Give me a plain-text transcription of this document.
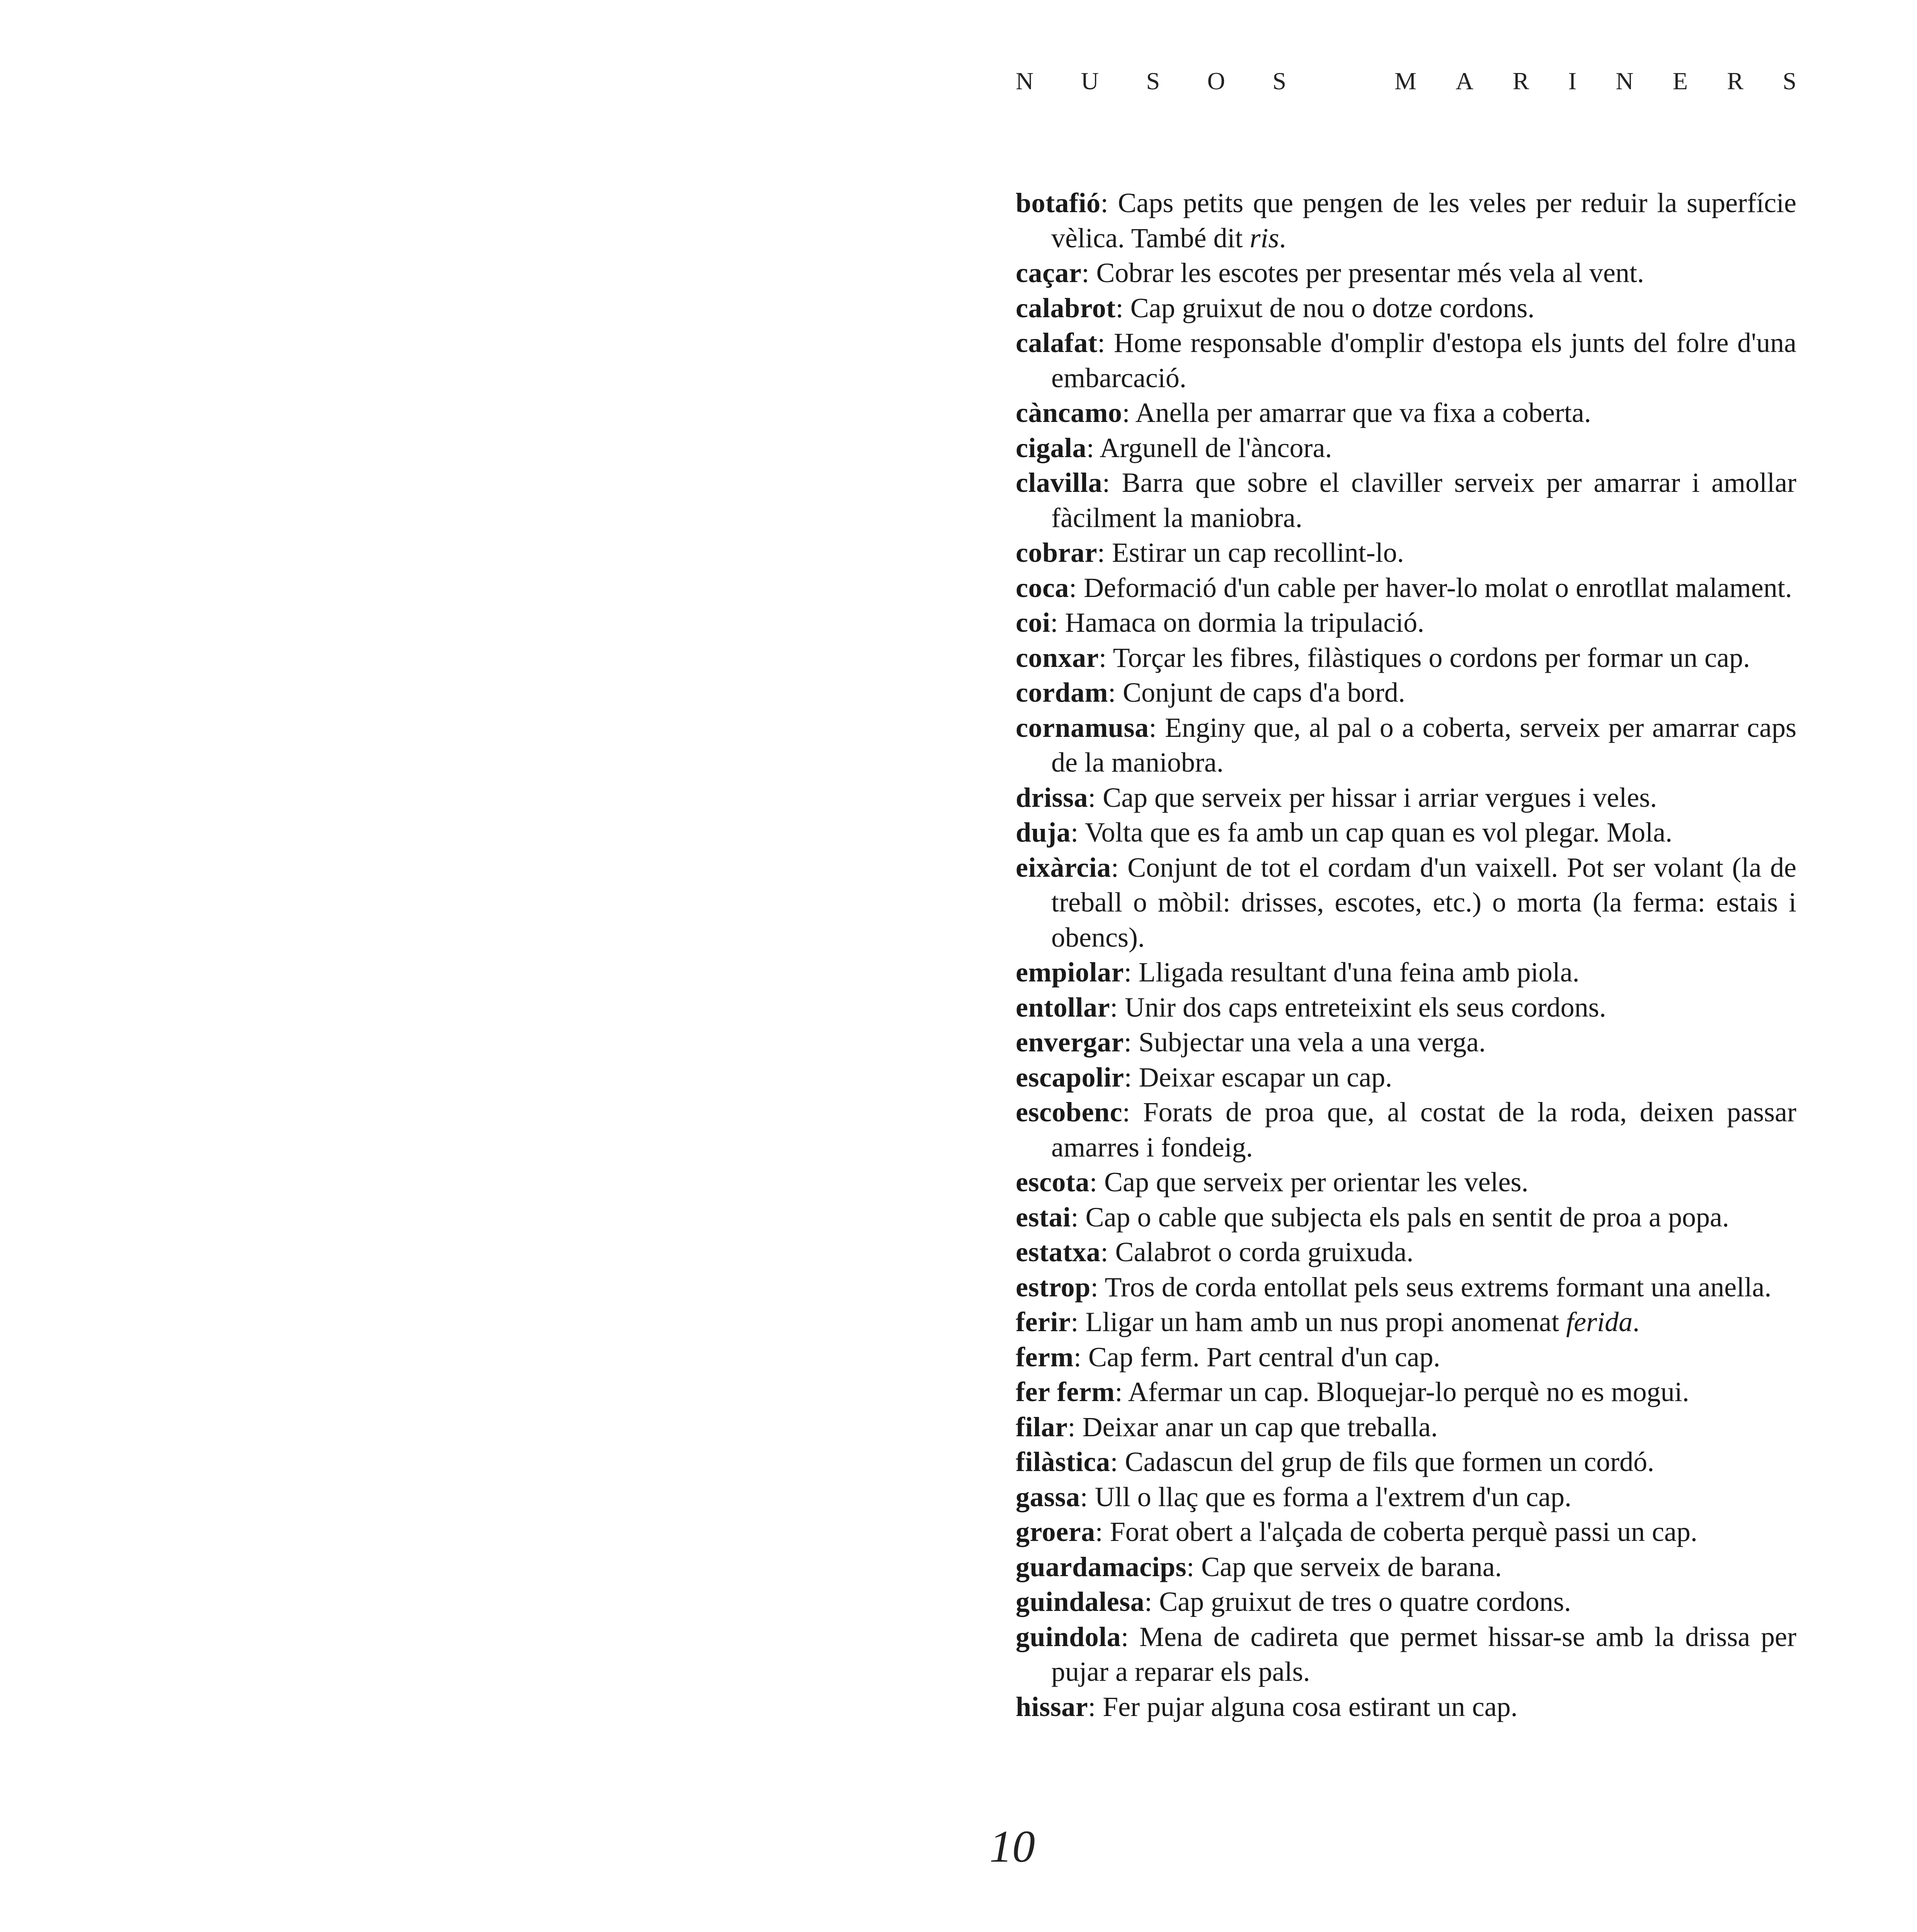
N U S O S	M A R I N E R S

botafió: Caps petits que pengen de les veles per reduir la superfície vèlica. També dit ris.

caçar: Cobrar les escotes per presentar més vela al vent.

calabrot: Cap gruixut de nou o dotze cordons.

calafat: Home responsable d'omplir d'estopa els junts del folre d'una embarcació.

càncamo: Anella per amarrar que va fixa a coberta.

cigala: Argunell de l'àncora.

clavilla: Barra que sobre el claviller serveix per amarrar i amollar fàcilment la maniobra.

cobrar: Estirar un cap recollint-lo.

coca: Deformació d'un cable per haver-lo molat o enrotllat malament.

coi: Hamaca on dormia la tripulació.

conxar: Torçar les fibres, filàstiques o cordons per formar un cap.

cordam: Conjunt de caps d'a bord.

cornamusa: Enginy que, al pal o a coberta, serveix per amarrar caps de la maniobra.

drissa: Cap que serveix per hissar i arriar vergues i veles.

duja: Volta que es fa amb un cap quan es vol plegar. Mola.

eixàrcia: Conjunt de tot el cordam d'un vaixell. Pot ser volant (la de treball o mòbil: drisses, escotes, etc.) o morta (la ferma: estais i obencs).

empiolar: Lligada resultant d'una feina amb piola.

entollar: Unir dos caps entreteixint els seus cordons.

envergar: Subjectar una vela a una verga.

escapolir: Deixar escapar un cap.

escobenc: Forats de proa que, al costat de la roda, deixen passar amarres i fondeig.

escota: Cap que serveix per orientar les veles.

estai: Cap o cable que subjecta els pals en sentit de proa a popa.

estatxa: Calabrot o corda gruixuda.

estrop: Tros de corda entollat pels seus extrems formant una anella.

ferir: Lligar un ham amb un nus propi anomenat ferida.

ferm: Cap ferm. Part central d'un cap.

fer ferm: Afermar un cap. Bloquejar-lo perquè no es mogui.

filar: Deixar anar un cap que treballa.

filàstica: Cadascun del grup de fils que formen un cordó.

gassa: Ull o llaç que es forma a l'extrem d'un cap.

groera: Forat obert a l'alçada de coberta perquè passi un cap.

guardamacips: Cap que serveix de barana.

guindalesa: Cap gruixut de tres o quatre cordons.

guindola: Mena de cadireta que permet hissar-se amb la drissa per pujar a reparar els pals.

hissar: Fer pujar alguna cosa estirant un cap.

10
